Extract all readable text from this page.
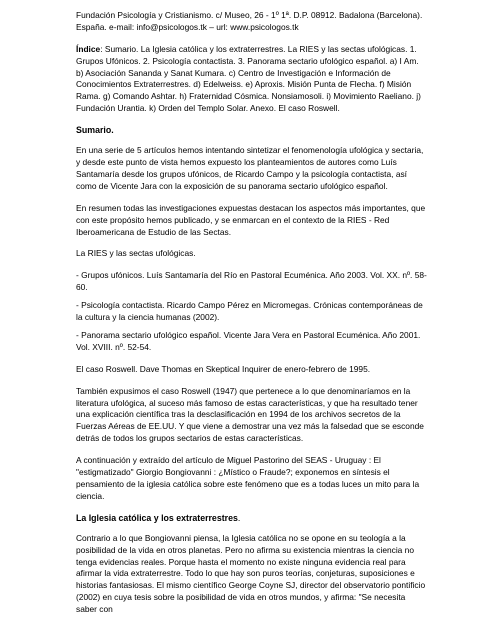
Fundación Psicología y Cristianismo. c/ Museo, 26 - 1º 1ª. D.P. 08912. Badalona (Barcelona). España. e-mail: info@psicologos.tk – url: www.psicologos.tk

Índice: Sumario. La Iglesia católica y los extraterrestres. La RIES y las sectas ufológicas. 1. Grupos Ufónicos. 2. Psicología contactista. 3. Panorama sectario ufológico español. a) I Am. b) Asociación Sananda y Sanat Kumara. c) Centro de Investigación e Información de Conocimientos Extraterrestres. d) Edelweiss. e) Aproxis. Misión Punta de Flecha. f) Misión Rama. g) Comando Ashtar. h) Fraternidad Cósmica. Nonsiamosoli. i) Movimiento Raeliano. j) Fundación Urantia. k) Orden del Templo Solar. Anexo. El caso Roswell.

Sumario.

En una serie de 5 artículos hemos intentando sintetizar el fenomenología ufológica y sectaria, y desde este punto de vista hemos expuesto los planteamientos de autores como Luís Santamaría desde los grupos ufónicos, de Ricardo Campo y la psicología contactista, así como de Vicente Jara con la exposición de su panorama sectario ufológico español.

En resumen todas las investigaciones expuestas destacan los aspectos más importantes, que con este propósito hemos publicado, y se enmarcan en el contexto de la RIES - Red Iberoamericana de Estudio de las Sectas.

La RIES y las sectas ufológicas.

- Grupos ufónicos. Luís Santamaría del Río en Pastoral Ecuménica. Año 2003. Vol. XX. nº. 58-60.

- Psicología contactista. Ricardo Campo Pérez en Micromegas. Crónicas contemporáneas de la cultura y la ciencia humanas (2002).

- Panorama sectario ufológico español. Vicente Jara Vera en Pastoral Ecuménica. Año 2001. Vol. XVIII. nº. 52-54.

El caso Roswell. Dave Thomas en Skeptical Inquirer de enero-febrero de 1995.

También expusimos el caso Roswell (1947) que pertenece a lo que denominaríamos en la literatura ufológica, al suceso más famoso de estas características, y que ha resultado tener una explicación científica tras la desclasificación en 1994 de los archivos secretos de la Fuerzas Aéreas de EE.UU. Y que viene a demostrar una vez más la falsedad que se esconde detrás de todos los grupos sectarios de estas características.

A continuación y extraído del artículo de Miguel Pastorino del SEAS - Uruguay : El "estigmatizado" Giorgio Bongiovanni : ¿Místico o Fraude?; exponemos en síntesis el pensamiento de la iglesia católica sobre este fenómeno que es a todas luces un mito para la ciencia.

La Iglesia católica y los extraterrestres.

Contrario a lo que Bongiovanni piensa, la Iglesia católica no se opone en su teología a la posibilidad de la vida en otros planetas. Pero no afirma su existencia mientras la ciencia no tenga evidencias reales. Porque hasta el momento no existe ninguna evidencia real para afirmar la vida extraterrestre. Todo lo que hay son puros teorías, conjeturas, suposiciones e historias fantasiosas. El mismo científico George Coyne SJ, director del observatorio pontificio (2002) en cuya tesis sobre la posibilidad de vida en otros mundos, y afirma: "Se necesita saber con
